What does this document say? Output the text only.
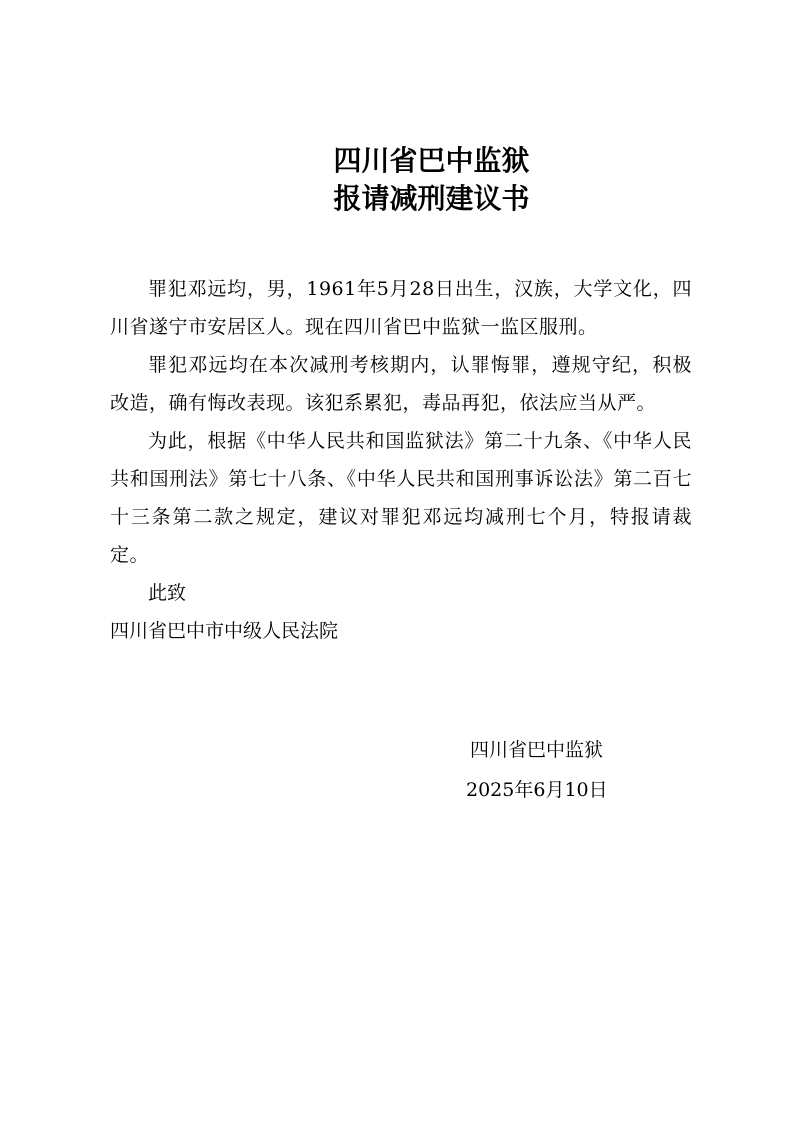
四川省巴中监狱
报请减刑建议书

罪犯邓远均，男，1961年5月28日出生，汉族，大学文化，四川省遂宁市安居区人。现在四川省巴中监狱一监区服刑。

罪犯邓远均在本次减刑考核期内，认罪悔罪，遵规守纪，积极改造，确有悔改表现。该犯系累犯，毒品再犯，依法应当从严。

为此，根据《中华人民共和国监狱法》第二十九条、《中华人民共和国刑法》第七十八条、《中华人民共和国刑事诉讼法》第二百七十三条第二款之规定，建议对罪犯邓远均减刑七个月，特报请裁定。

此致

四川省巴中市中级人民法院

四川省巴中监狱

2025年6月10日
